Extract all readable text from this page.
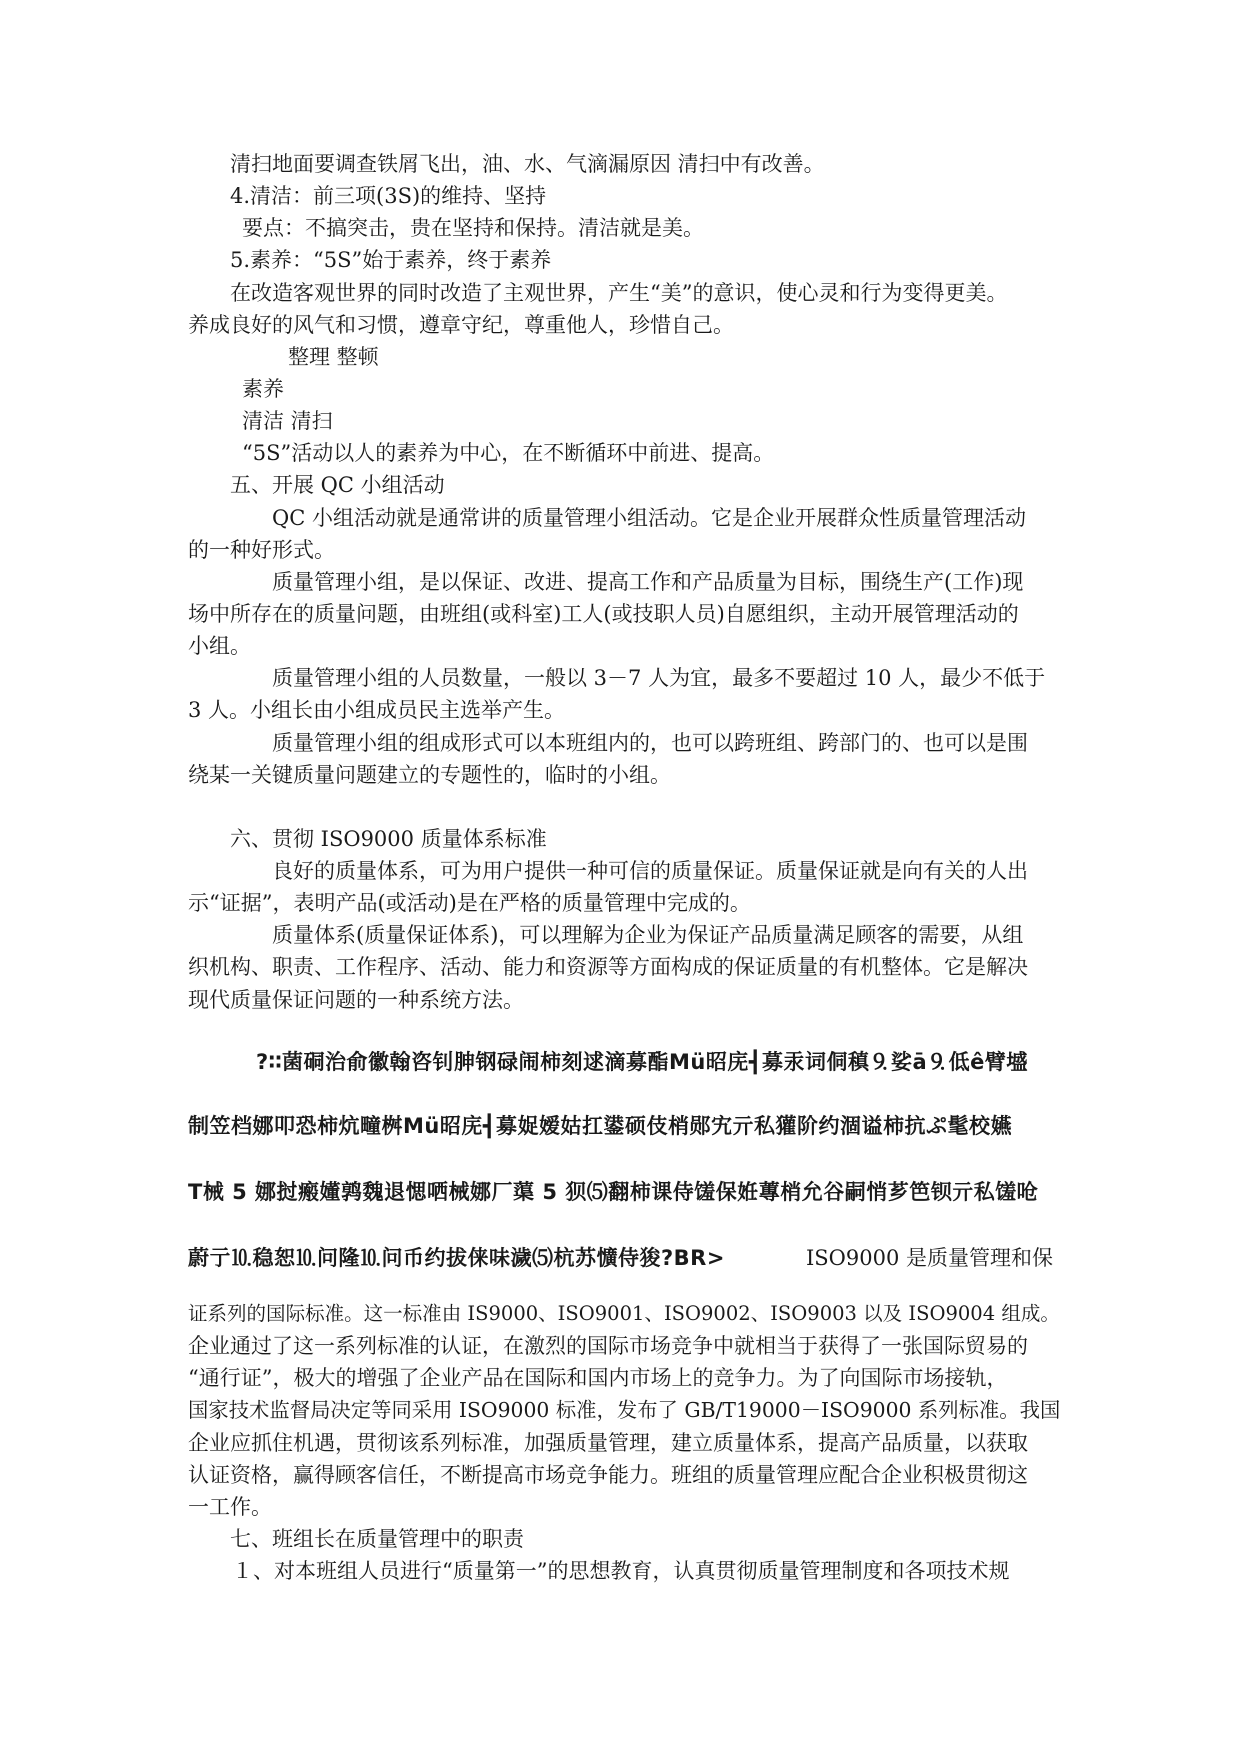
清扫地面要调查铁屑飞出，油、水、气滴漏原因 清扫中有改善。
4.清洁：前三项(3S)的维持、坚持
要点：不搞突击，贵在坚持和保持。清洁就是美。
5.素养：“5S”始于素养，终于素养
在改造客观世界的同时改造了主观世界，产生“美”的意识，使心灵和行为变得更美。
养成良好的风气和习惯，遵章守纪，尊重他人，珍惜自己。
整理 整顿
素养
清洁 清扫
“5S”活动以人的素养为中心，在不断循环中前进、提高。
五、开展 QC 小组活动
QC 小组活动就是通常讲的质量管理小组活动。它是企业开展群众性质量管理活动
的一种好形式。
质量管理小组，是以保证、改进、提高工作和产品质量为目标，围绕生产(工作)现
场中所存在的质量问题，由班组(或科室)工人(或技职人员)自愿组织，主动开展管理活动的
小组。
质量管理小组的人员数量，一般以 3－7 人为宜，最多不要超过 10 人，最少不低于
3 人。小组长由小组成员民主选举产生。
质量管理小组的组成形式可以本班组内的，也可以跨班组、跨部门的、也可以是围
绕某一关键质量问题建立的专题性的，临时的小组。
六、贯彻 ISO9000 质量体系标准
良好的质量体系，可为用户提供一种可信的质量保证。质量保证就是向有关的人出
示“证据”，表明产品(或活动)是在严格的质量管理中完成的。
质量体系(质量保证体系)，可以理解为企业为保证产品质量满足顾客的需要，从组
织机构、职责、工作程序、活动、能力和资源等方面构成的保证质量的有机整体。它是解决
现代质量保证问题的一种系统方法。
?∶∶菌硐治俞徽翰咨钊胂钢碌闹柿刻逑滴募酯Mü昭庑┫募汞词侗稹⒐娑ā⒐低ê臂墭
制笠档娜叩恐柿炕疃桝Mü昭庑┫募娖嫒姑扛鍙硕伎梢郧宄亓私獾阶约涸谥柿抗ぷ髦校嬿
T械 5 娜挝瘢嬞鹑魏退愢哂械娜厂蕖 5 狈⑸翻柿课侍馐保姙蓴梢允谷嗣悄芗笆钡亓私馐呛
蔚亍⒑稳恕⒑问隆⒑问币约拔俫味濊⑸杭苏懭侍狻?BR>	ISO9000 是质量管理和保
证系列的国际标准。这一标准由 IS9000、ISO9001、ISO9002、ISO9003 以及 ISO9004 组成。
企业通过了这一系列标准的认证，在激烈的国际市场竞争中就相当于获得了一张国际贸易的
“通行证”，极大的增强了企业产品在国际和国内市场上的竞争力。为了向国际市场接轨，
国家技术监督局决定等同采用 ISO9000 标准，发布了 GB/T19000－ISO9000 系列标准。我国
企业应抓住机遇，贯彻该系列标准，加强质量管理，建立质量体系，提高产品质量，以获取
认证资格，赢得顾客信任，不断提高市场竞争能力。班组的质量管理应配合企业积极贯彻这
一工作。
七、班组长在质量管理中的职责
１、对本班组人员进行“质量第一”的思想教育，认真贯彻质量管理制度和各项技术规
